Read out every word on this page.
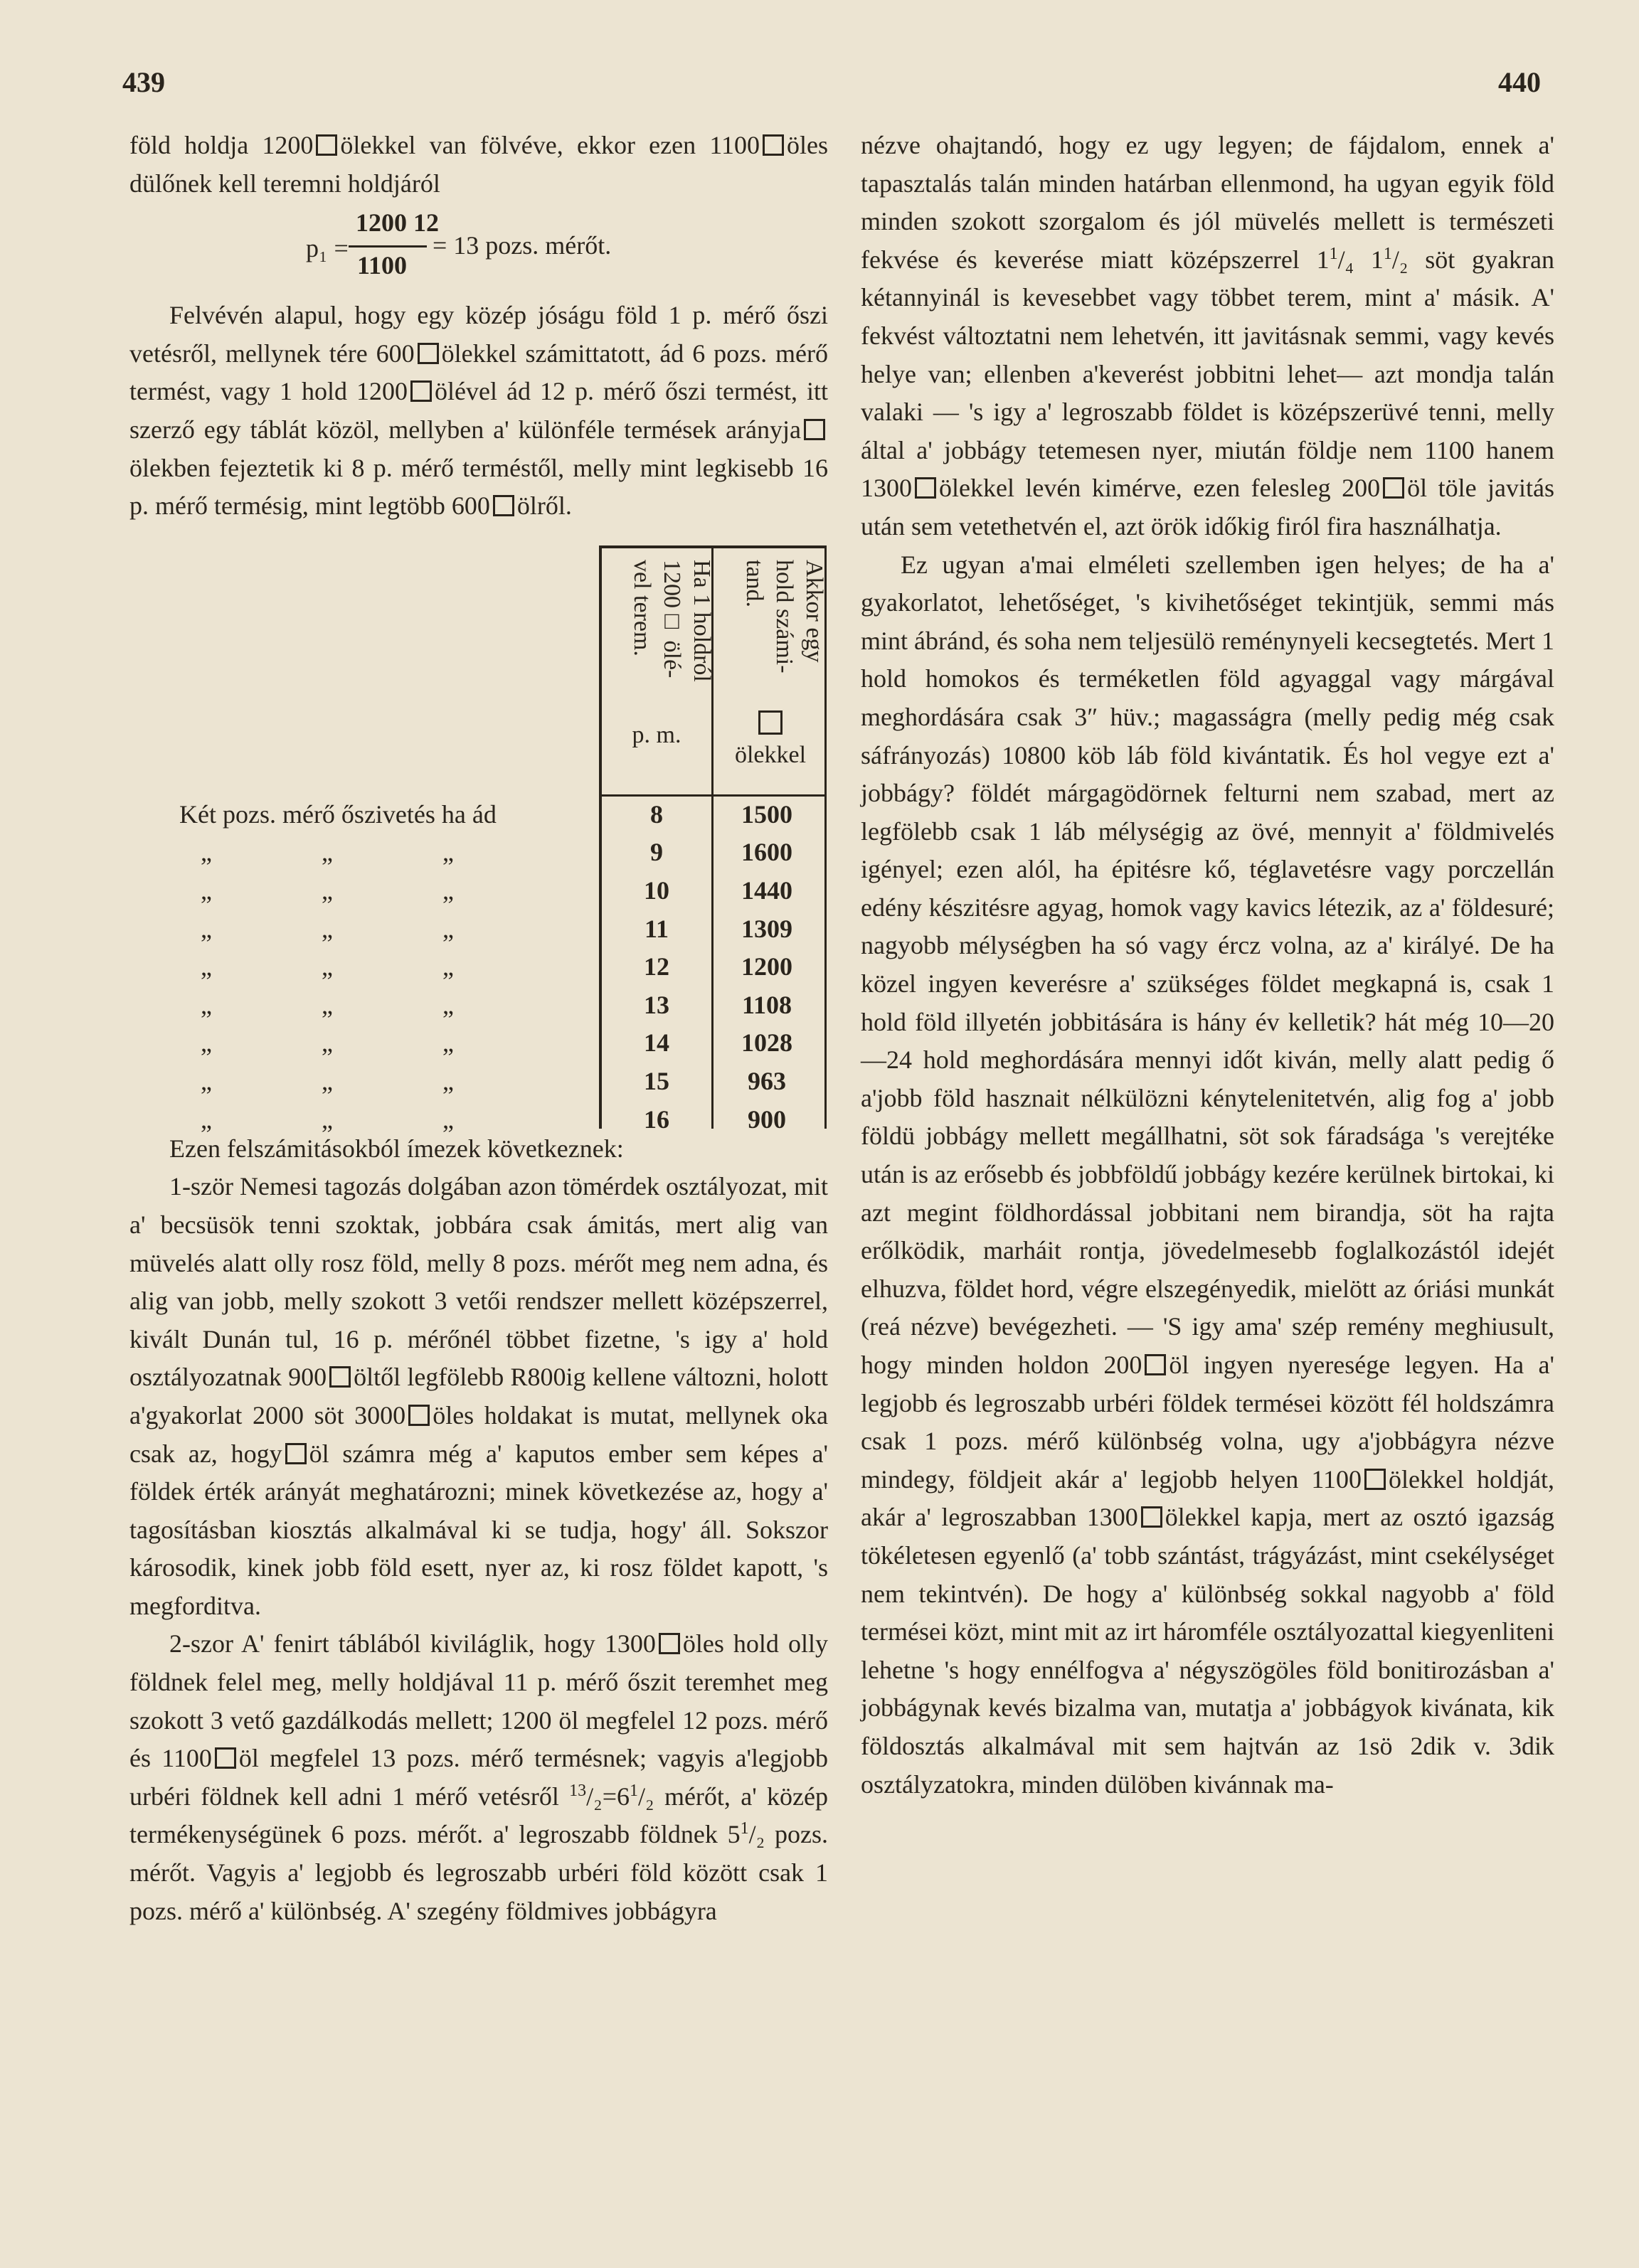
439	440

föld holdja 1200 ölekkel van fölvéve, ekkor ezen 1100 öles dülőnek kell teremni holdjáról

1200 12
p₁ =
1100
= 13 pozs. mérőt.

Felvévén alapul, hogy egy közép jóságu föld 1 p. mérő őszi vetésről, mellynek tére 600 ölekkel számittatott, ád 6 pozs. mérő termést, vagy 1 hold 1200 ölével ád 12 p. mérő őszi termést, itt szerző egy táblát közöl, mellyben a' különféle termések arányjaölekben fejeztetik ki 8 p. mérő terméstől, melly mint legkisebb 16 p. mérő termésig, mint legtöbb 600 ölről.

Akkor egy
hold számi-
tand.
Ha 1 holdról
1200□ ölé-
vel terem.
p. m.

ölekkel
Két pozs. mérő őszivetés ha ád	8	1500
„	„	„	9	1600
„	„	„	10	1440
„	„	„	11	1309
„	„	„	12	1200
„	„	„	13	1108
„	„	„	14	1028
„	„	„	15	963
„	„	„	16	900

Ezen felszámitásokból ímezek következnek:

1-ször Nemesi tagozás dolgában azon tömérdek osztályozat, mit a' becsüsök tenni szoktak, jobbára csak ámitás, mert alig van müvelés alatt olly rosz föld, melly 8 pozs. mérőt meg nem adna, és alig van jobb, melly szokott 3 vetői rendszer mellett középszerrel, kivált Dunán tul, 16 p. mérőnél többet fizetne, 's igy a' hold osztályozatnak 900 öltől legfölebb R800ig kellene változni, holott a'gyakorlat 2000 söt 3000 öles holdakat is mutat, mellynek oka csak az, hogy öl számra még a' kaputos ember sem képes a' földek érték arányát meghatározni; minek következése az, hogy a' tagosításban kiosztás alkalmával ki se tudja, hogy' áll. Sokszor károsodik, kinek jobb föld esett, nyer az, ki rosz földet kapott, 's megforditva.

2-szor A' fenirt táblából kiviláglik, hogy 1300 öles hold olly földnek felel meg, melly holdjával 11 p. mérő őszit teremhet meg szokott 3 vető gazdálkodás mellett; 1200 öl megfelel 12 pozs. mérő és 1100 öl megfelel 13 pozs. mérő termésnek; vagyis a'legjobb urbéri földnek kell adni 1 mérő vetésről $^{13}/_2=6^1/_2$ mérőt, a' közép termékenységünek 6 pozs. mérőt. a' legroszabb földnek $5^1/_2$ pozs. mérőt. Vagyis a' legjobb és legroszabb urbéri föld között csak 1 pozs. mérő a' különbség. A' szegény földmives jobbágyra

nézve ohajtandó, hogy ez ugy legyen; de fájdalom, ennek a' tapasztalás talán minden határban ellenmond, ha ugyan egyik föld minden szokott szorgalom és jól müvelés mellett is természeti fekvése és keverése miatt középszerrel $1^1/_4$ $1^1/_2$ söt gyakran kétannyinál is kevesebbet vagy többet terem, mint a' másik. A' fekvést változtatni nem lehetvén, itt javitásnak semmi, vagy kevés helye van; ellenben a'keverést jobbitni lehet— azt mondja talán valaki — 's igy a' legroszabb földet is középszerüvé tenni, melly által a' jobbágy tetemesen nyer, miután földje nem 1100 hanem 1300 ölekkel levén kimérve, ezen felesleg 200 öl töle javitás után sem vetethetvén el, azt örök időkig firól fira használhatja.

Ez ugyan a'mai elméleti szellemben igen helyes; de ha a' gyakorlatot, lehetőséget, 's kivihetőséget tekintjük, semmi más mint ábránd, és soha nem teljesülö reménynyeli kecsegtetés. Mert 1 hold homokos és terméketlen föld agyaggal vagy márgával meghordására csak 3″ hüv.; magasságra (melly pedig még csak sáfrányozás) 10800 köb láb föld kivántatik. És hol vegye ezt a' jobbágy? földét márgagödörnek felturni nem szabad, mert az legfölebb csak 1 láb mélységig az övé, mennyit a' földmivelés igényel; ezen alól, ha épitésre kő, téglavetésre vagy porczellán edény készitésre agyag, homok vagy kavics létezik, az a' földesuré; nagyobb mélységben ha só vagy ércz volna, az a' királyé. De ha közel ingyen keverésre a' szükséges földet megkapná is, csak 1 hold föld illyetén jobbitására is hány év kelletik? hát még 10—20—24 hold meghordására mennyi időt kiván, melly alatt pedig ő a'jobb föld hasznait nélkülözni kénytelenitetvén, alig fog a' jobb földü jobbágy mellett megállhatni, söt sok fáradsága 's verejtéke után is az erősebb és jobbföldű jobbágy kezére kerülnek birtokai, ki azt megint földhordással jobbitani nem birandja, söt ha rajta erőlködik, marháit rontja, jövedelmesebb foglalkozástól idejét elhuzva, földet hord, végre elszegényedik, mielött az óriási munkát (reá nézve) bevégezheti. — 'S igy ama' szép remény meghiusult, hogy minden holdon 200 öl ingyen nyeresége legyen. Ha a' legjobb és legroszabb urbéri földek termései között fél holdszámra csak 1 pozs. mérő különbség volna, ugy a'jobbágyra nézve mindegy, földjeit akár a' legjobb helyen 1100 ölekkel holdját, akár a' legroszabban 1300 ölekkel kapja, mert az osztó igazság tökéletesen egyenlő (a' tobb szántást, trágyázást, mint csekélységet nem tekintvén). De hogy a' különbség sokkal nagyobb a' föld termései közt, mint mit az irt háromféle osztályozattal kiegyenliteni lehetne 's hogy ennélfogva a' négyszögöles föld bonitirozásban a' jobbágynak kevés bizalma van, mutatja a' jobbágyok kivánata, kik földosztás alkalmával mit sem hajtván az 1sö 2dik v. 3dik osztályzatokra, minden dülöben kivánnak ma-
